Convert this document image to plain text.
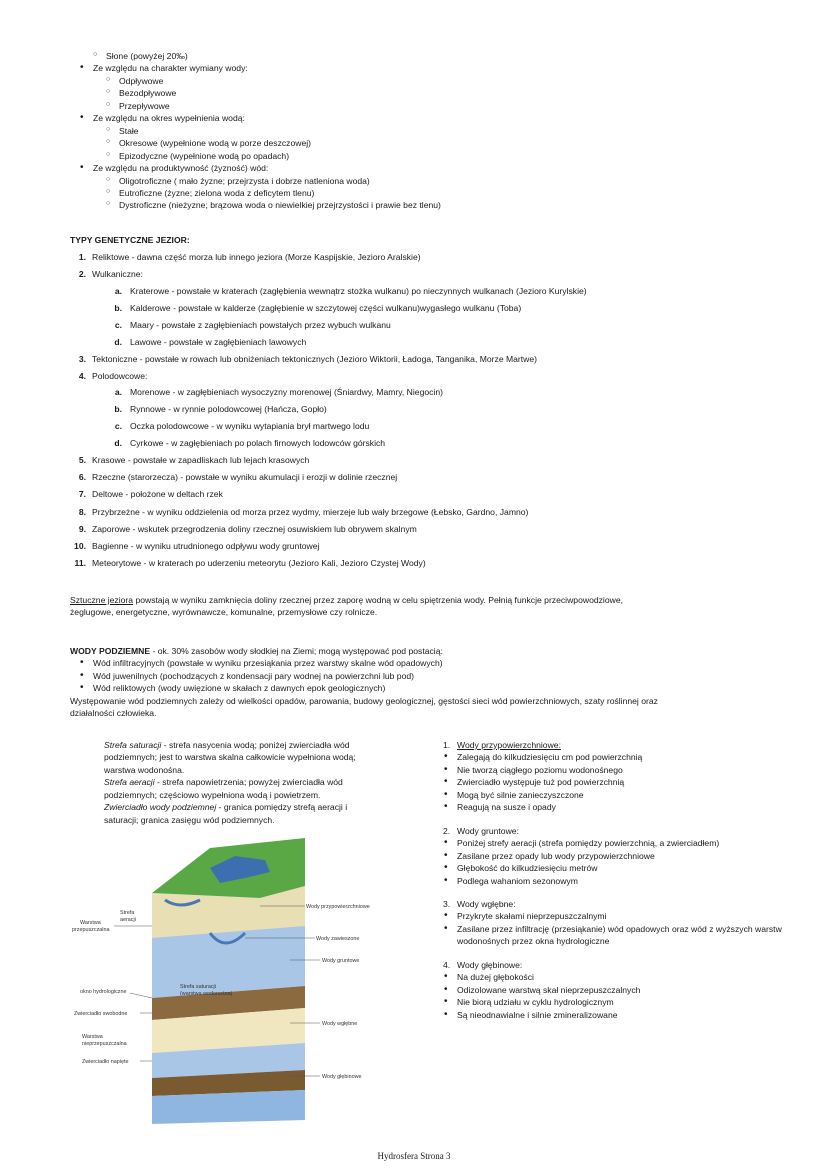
○ Słone (powyżej 20‰)
• Ze względu na charakter wymiany wody:
○ Odpływowe
○ Bezodpływowe
○ Przepływowe
• Ze względu na okres wypełnienia wodą:
○ Stałe
○ Okresowe (wypełnione wodą w porze deszczowej)
○ Epizodyczne (wypełnione wodą po opadach)
• Ze względu na produktywność (żyzność) wód:
○ Oligotroficzne ( mało żyzne; przejrzysta i dobrze natleniona woda)
○ Eutroficzne (żyzne; zielona woda z deficytem tlenu)
○ Dystroficzne (nieżyzne; brązowa woda o niewielkiej przejrzystości i prawie bez tlenu)
TYPY GENETYCZNE JEZIOR:
1. Reliktowe - dawna część morza lub innego jeziora (Morze Kaspijskie, Jezioro Aralskie)
2. Wulkaniczne:
a. Kraterowe - powstałe w kraterach (zagłębienia wewnątrz stożka wulkanu) po nieczynnych wulkanach (Jezioro Kurylskie)
b. Kalderowe - powstałe w kalderze (zagłębienie w szczytowej części wulkanu)wygasłego wulkanu (Toba)
c. Maary - powstałe z zagłębieniach powstałych przez wybuch wulkanu
d. Lawowe - powstałe w zagłębieniach lawowych
3. Tektoniczne - powstałe w rowach lub obniżeniach tektonicznych (Jezioro Wiktorii, Ładoga, Tanganika, Morze Martwe)
4. Polodowcowe:
a. Morenowe - w zagłębieniach wysoczyzny morenowej (Śniardwy, Mamry, Niegocin)
b. Rynnowe - w rynnie polodowcowej (Hańcza, Gopło)
c. Oczka polodowcowe - w wyniku wytapiania brył martwego lodu
d. Cyrkowe - w zagłębieniach po polach firnowych lodowców górskich
5. Krasowe - powstałe w zapadliskach lub lejach krasowych
6. Rzeczne (starorzecza) - powstałe w wyniku akumulacji i erozji w dolinie rzecznej
7. Deltowe - położone w deltach rzek
8. Przybrzeżne - w wyniku oddzielenia od morza przez wydmy, mierzeje lub wały brzegowe (Łebsko, Gardno, Jamno)
9. Zaporowe - wskutek przegrodzenia doliny rzecznej osuwiskiem lub obrywem skalnym
10. Bagienne - w wyniku utrudnionego odpływu wody gruntowej
11. Meteorytowe - w kraterach po uderzeniu meteorytu (Jezioro Kali, Jezioro Czystej Wody)
Sztuczne jeziora powstają w wyniku zamknięcia doliny rzecznej przez zaporę wodną w celu spiętrzenia wody. Pełnią funkcje przeciwpowodziowe, żeglugowe, energetyczne, wyrównawcze, komunalne, przemysłowe czy rolnicze.
WODY PODZIEMNE - ok. 30% zasobów wody słodkiej na Ziemi; mogą występować pod postacią:
• Wód infiltracyjnych (powstałe w wyniku przesiąkania przez warstwy skalne wód opadowych)
• Wód juwenilnych (pochodzących z kondensacji pary wodnej na powierzchni lub pod)
• Wód reliktowych (wody uwięzione w skałach z dawnych epok geologicznych)
Występowanie wód podziemnych zależy od wielkości opadów, parowania, budowy geologicznej, gęstości sieci wód powierzchniowych, szaty roślinnej oraz działalności człowieka.
Strefa saturacji - strefa nasycenia wodą; poniżej zwierciadła wód podziemnych; jest to warstwa skalna całkowicie wypełniona wodą; warstwa wodonośna.
Strefa aeracji - strefa napowietrzenia; powyżej zwierciadła wód podziemnych; częściowo wypełniona wodą i powietrzem.
Zwierciadło wody podziemnej - granica pomiędzy strefą aeracji i saturacji; granica zasięgu wód podziemnych.
1. Wody przypowierzchniowe:
• Zalegają do kilkudziesięciu cm pod powierzchnią
• Nie tworzą ciągłego poziomu wodonośnego
• Zwierciadło występuje tuż pod powierzchnią
• Mogą być silnie zanieczyszczone
• Reagują na susze i opady
2. Wody gruntowe:
• Poniżej strefy aeracji (strefa pomiędzy powierzchnią, a zwierciadłem)
• Zasilane przez opady lub wody przypowierzchniowe
• Głębokość do kilkudziesięciu metrów
• Podlega wahaniom sezonowym
3. Wody wgłębne:
• Przykryte skałami nieprzepuszczalnymi
• Zasilane przez infiltrację (przesiąkanie) wód opadowych oraz wód z wyższych warstw wodonośnych przez okna hydrologiczne
4. Wody głębinowe:
• Na dużej głębokości
• Odizolowane warstwą skał nieprzepuszczalnych
• Nie biorą udziału w cyklu hydrologicznym
• Są nieodnawialne i silnie zmineralizowane
Wody przypowierzchniowe
Wody zawieszone
Wody gruntowe
Wody wgłębne
Wody głębinowe
Strefa
aeracji
Warstwa
przepuszczalna
Strefa saturacji
(warstwa wodonośna)
okno hydrologiczne
Zwierciadło swobodne
Warstwa
nieprzepuszczalna
Zwierciadło napięte
Hydrosfera Strona 3
